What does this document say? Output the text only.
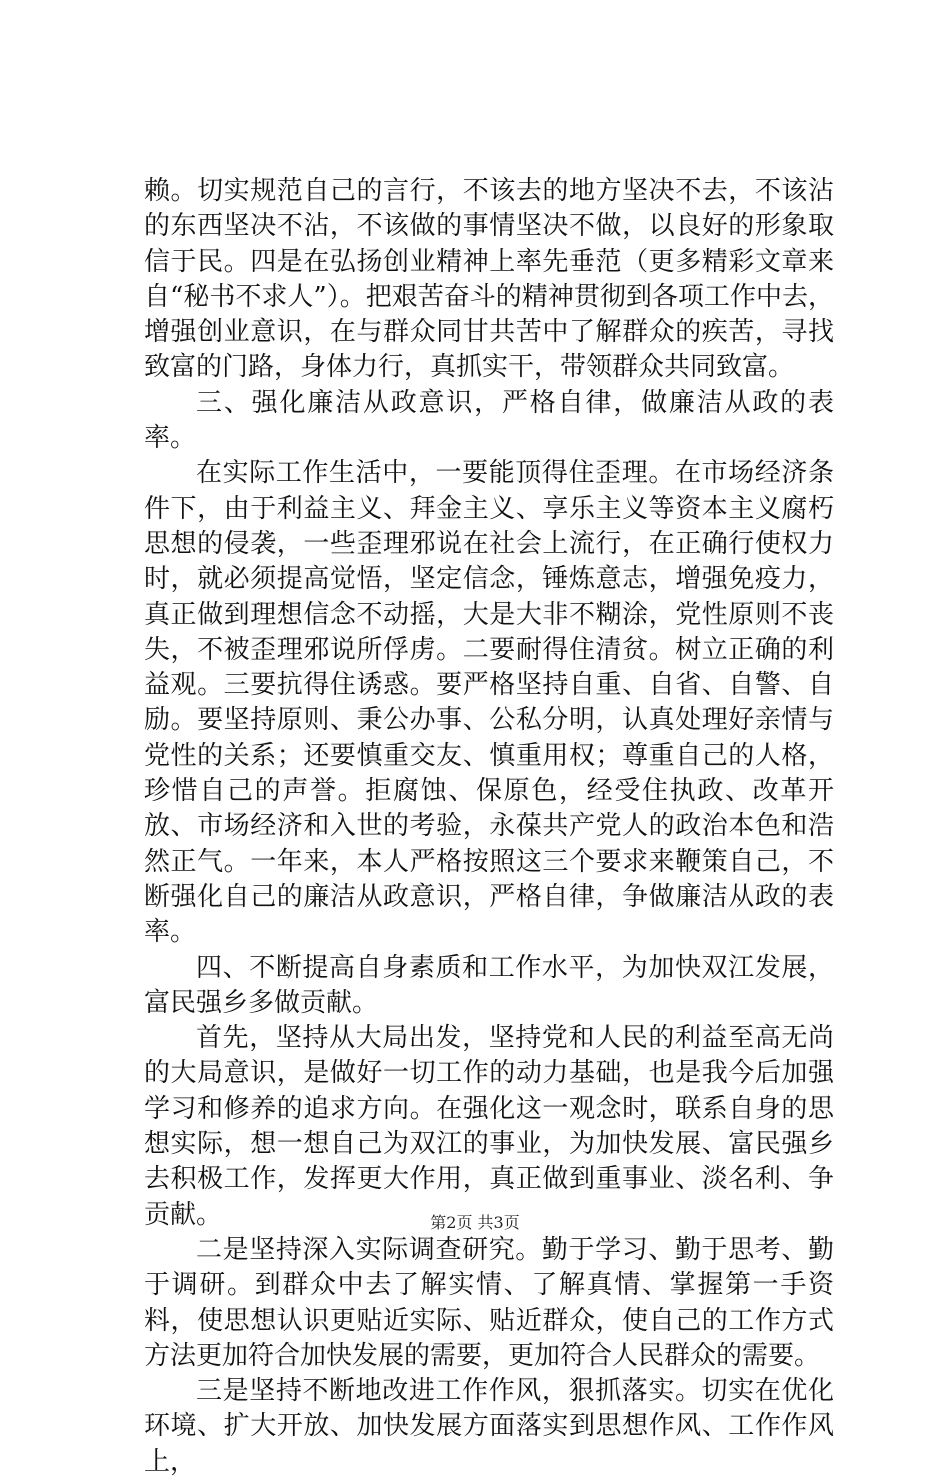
赖。切实规范自己的言行，不该去的地方坚决不去，不该沾的东西坚决不沾，不该做的事情坚决不做，以良好的形象取信于民。四是在弘扬创业精神上率先垂范（更多精彩文章来自“秘书不求人”）。把艰苦奋斗的精神贯彻到各项工作中去，增强创业意识，在与群众同甘共苦中了解群众的疾苦，寻找致富的门路，身体力行，真抓实干，带领群众共同致富。

三、强化廉洁从政意识，严格自律，做廉洁从政的表率。

在实际工作生活中，一要能顶得住歪理。在市场经济条件下，由于利益主义、拜金主义、享乐主义等资本主义腐朽思想的侵袭，一些歪理邪说在社会上流行，在正确行使权力时，就必须提高觉悟，坚定信念，锤炼意志，增强免疫力，真正做到理想信念不动摇，大是大非不糊涂，党性原则不丧失，不被歪理邪说所俘虏。二要耐得住清贫。树立正确的利益观。三要抗得住诱惑。要严格坚持自重、自省、自警、自励。要坚持原则、秉公办事、公私分明，认真处理好亲情与党性的关系；还要慎重交友、慎重用权；尊重自己的人格，珍惜自己的声誉。拒腐蚀、保原色，经受住执政、改革开放、市场经济和入世的考验，永葆共产党人的政治本色和浩然正气。一年来，本人严格按照这三个要求来鞭策自己，不断强化自己的廉洁从政意识，严格自律，争做廉洁从政的表率。

四、不断提高自身素质和工作水平，为加快双江发展，富民强乡多做贡献。

首先，坚持从大局出发，坚持党和人民的利益至高无尚的大局意识，是做好一切工作的动力基础，也是我今后加强学习和修养的追求方向。在强化这一观念时，联系自身的思想实际，想一想自己为双江的事业，为加快发展、富民强乡去积极工作，发挥更大作用，真正做到重事业、淡名利、争贡献。

二是坚持深入实际调查研究。勤于学习、勤于思考、勤于调研。到群众中去了解实情、了解真情、掌握第一手资料，使思想认识更贴近实际、贴近群众，使自己的工作方式方法更加符合加快发展的需要，更加符合人民群众的需要。

三是坚持不断地改进工作作风，狠抓落实。切实在优化环境、扩大开放、加快发展方面落实到思想作风、工作作风上，

第2页 共3页
